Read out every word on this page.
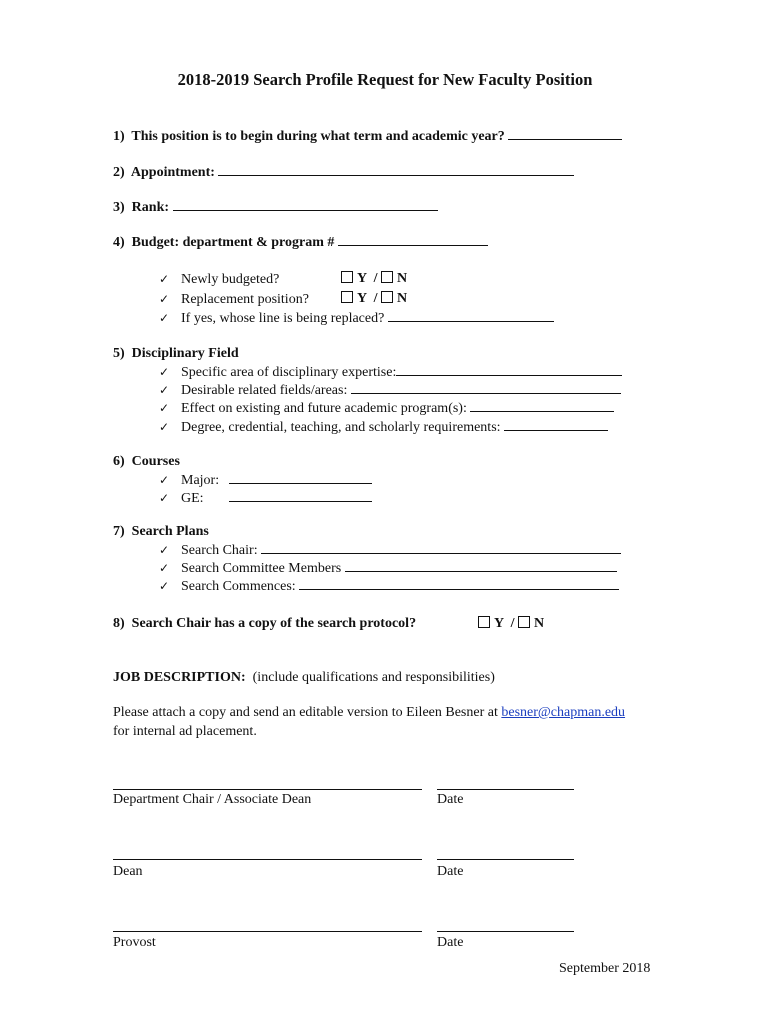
2018-2019 Search Profile Request for New Faculty Position
1) This position is to begin during what term and academic year?
2) Appointment:
3) Rank:
4) Budget: department & program #
✓ Newly budgeted?	Y / N
✓ Replacement position?	Y / N
✓ If yes, whose line is being replaced?
5) Disciplinary Field
✓ Specific area of disciplinary expertise:
✓ Desirable related fields/areas:
✓ Effect on existing and future academic program(s):
✓ Degree, credential, teaching, and scholarly requirements:
6) Courses
✓ Major:
✓ GE:
7) Search Plans
✓ Search Chair:
✓ Search Committee Members
✓ Search Commences:
8) Search Chair has a copy of the search protocol?	Y / N
JOB DESCRIPTION: (include qualifications and responsibilities)
Please attach a copy and send an editable version to Eileen Besner at besner@chapman.edu
for internal ad placement.
Department Chair / Associate Dean	Date
Dean	Date
Provost	Date
September 2018
